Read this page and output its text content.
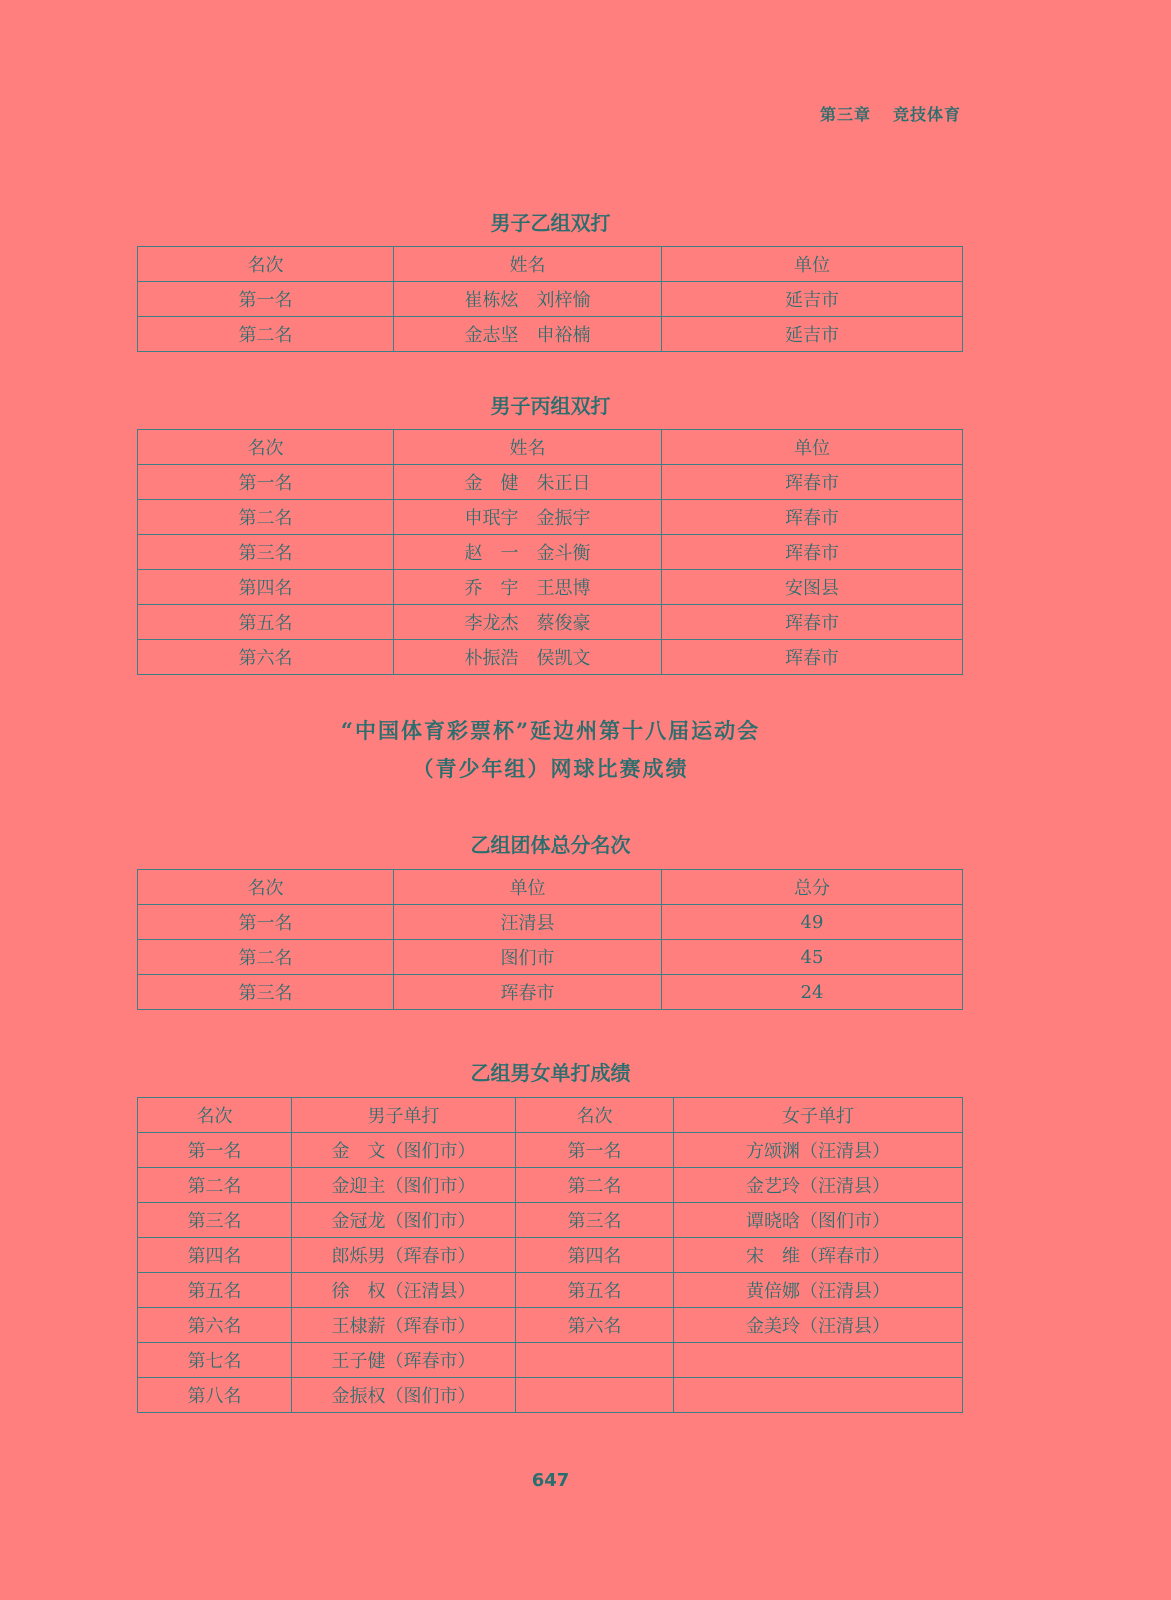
第三章 竞技体育
男子乙组双打
名次	姓名	单位
第一名	崔栋炫　刘梓愉	延吉市
第二名	金志坚　申裕楠	延吉市
男子丙组双打
名次	姓名	单位
第一名	金　健　朱正日	珲春市
第二名	申珉宇　金振宇	珲春市
第三名	赵　一　金斗衡	珲春市
第四名	乔　宇　王思博	安图县
第五名	李龙杰　蔡俊豪	珲春市
第六名	朴振浩　侯凯文	珲春市
“中国体育彩票杯”延边州第十八届运动会
（青少年组）网球比赛成绩
乙组团体总分名次
名次	单位	总分
第一名	汪清县	49
第二名	图们市	45
第三名	珲春市	24
乙组男女单打成绩
名次	男子单打	名次	女子单打
第一名	金　文（图们市）	第一名	方颂渊（汪清县）
第二名	金迎主（图们市）	第二名	金艺玲（汪清县）
第三名	金冠龙（图们市）	第三名	谭晓晗（图们市）
第四名	郎烁男（珲春市）	第四名	宋　维（珲春市）
第五名	徐　权（汪清县）	第五名	黄倍娜（汪清县）
第六名	王棣薪（珲春市）	第六名	金美玲（汪清县）
第七名	王子健（珲春市）		
第八名	金振权（图们市）		
647
